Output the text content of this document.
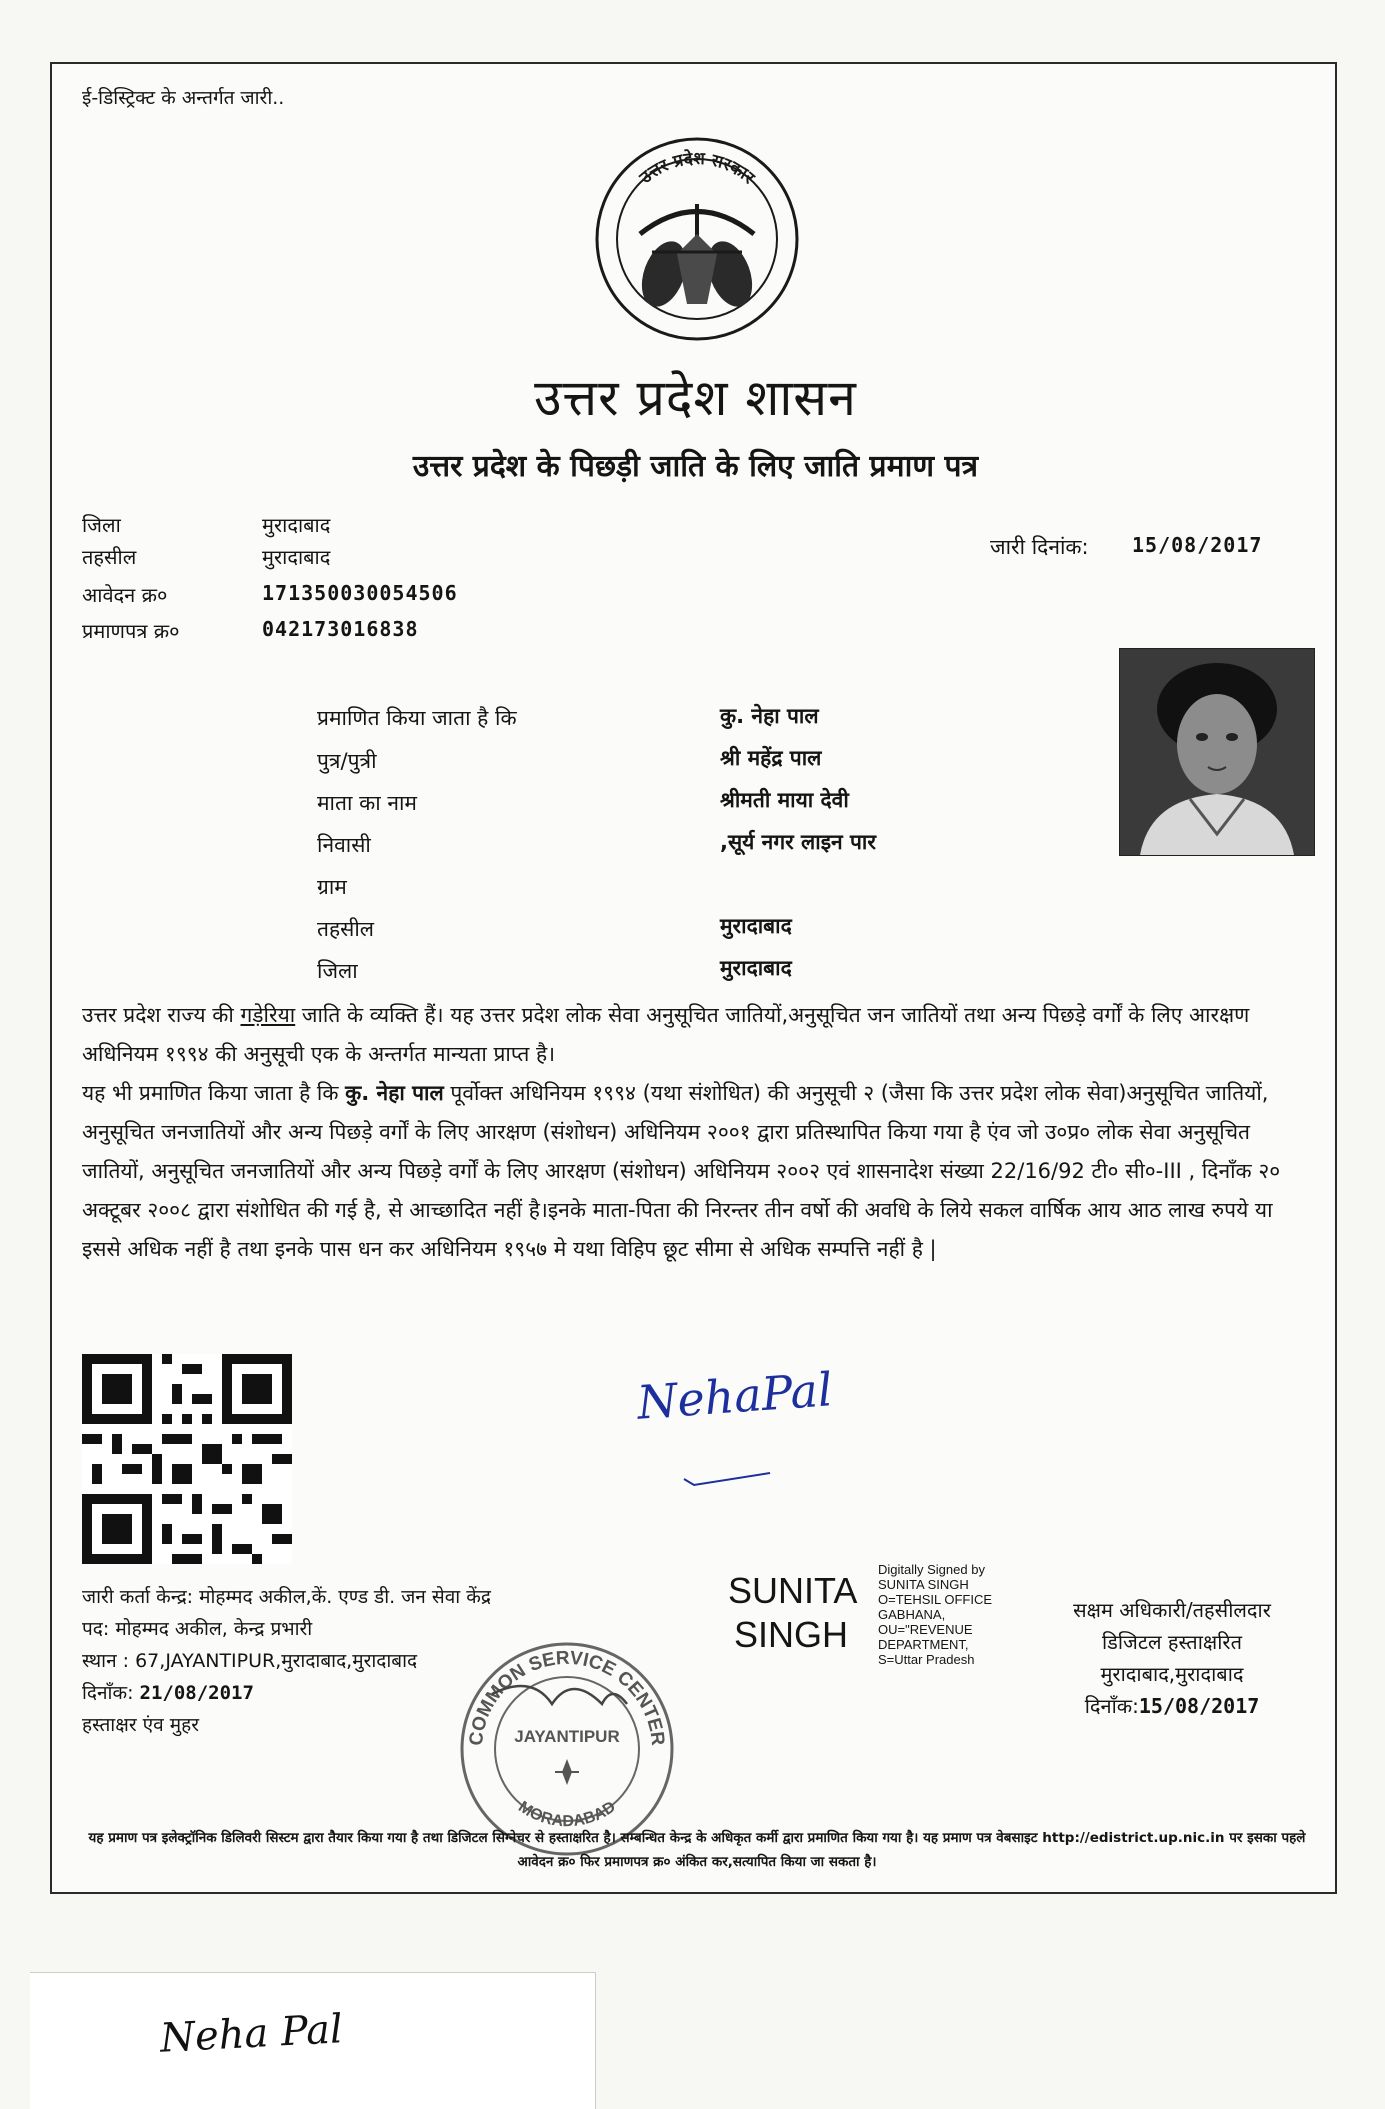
ई-डिस्ट्रिक्ट के अन्तर्गत जारी..
उत्तर प्रदेश सरकार
उत्तर प्रदेश शासन
उत्तर प्रदेश के पिछड़ी जाति के लिए जाति प्रमाण पत्र
जिला	मुरादाबाद
तहसील	मुरादाबाद
आवेदन क्र०	171350030054506
प्रमाणपत्र क्र०	042173016838
जारी दिनांक: 15/08/2017
प्रमाणित किया जाता है कि	कु. नेहा पाल
पुत्र/पुत्री	श्री महेंद्र पाल
माता का नाम	श्रीमती माया देवी
निवासी	,सूर्य नगर लाइन पार
ग्राम
तहसील	मुरादाबाद
जिला	मुरादाबाद
उत्तर प्रदेश राज्य की गड़ेरिया जाति के व्यक्ति हैं। यह उत्तर प्रदेश लोक सेवा अनुसूचित जातियों,अनुसूचित जन जातियों तथा अन्य पिछड़े वर्गों के लिए आरक्षण अधिनियम १९९४ की अनुसूची एक के अन्तर्गत मान्यता प्राप्त है।
यह भी प्रमाणित किया जाता है कि कु. नेहा पाल पूर्वोक्त अधिनियम १९९४ (यथा संशोधित) की अनुसूची २ (जैसा कि उत्तर प्रदेश लोक सेवा)अनुसूचित जातियों, अनुसूचित जनजातियों और अन्य पिछड़े वर्गों के लिए आरक्षण (संशोधन) अधिनियम २००१ द्वारा प्रतिस्थापित किया गया है एंव जो उ०प्र० लोक सेवा अनुसूचित जातियों, अनुसूचित जनजातियों और अन्य पिछड़े वर्गों के लिए आरक्षण (संशोधन) अधिनियम २००२ एवं शासनादेश संख्या 22/16/92 टी० सी०-III , दिनाँक २० अक्टूबर २००८ द्वारा संशोधित की गई है, से आच्छादित नहीं है।इनके माता-पिता की निरन्तर तीन वर्षो की अवधि के लिये सकल वार्षिक आय आठ लाख रुपये या इससे अधिक नहीं है तथा इनके पास धन कर अधिनियम १९५७ मे यथा विहिप छूट सीमा से अधिक सम्पत्ति नहीं है |
NehaPal
जारी कर्ता केन्द्र: मोहम्मद अकील,कें. एण्ड डी. जन सेवा केंद्र
पद: मोहम्मद अकील, केन्द्र प्रभारी
स्थान : 67,JAYANTIPUR,मुरादाबाद,मुरादाबाद
दिनाँक: 21/08/2017
हस्ताक्षर एंव मुहर
COMMON SERVICE CENTER
MORADABAD
JAYANTIPUR
SUNITA
SINGH
Digitally Signed by
SUNITA SINGH
O=TEHSIL OFFICE
GABHANA,
OU="REVENUE
DEPARTMENT,
S=Uttar Pradesh
सक्षम अधिकारी/तहसीलदार
डिजिटल हस्ताक्षरित
मुरादाबाद,मुरादाबाद
दिनाँक:15/08/2017
यह प्रमाण पत्र इलेक्ट्रॉनिक डिलिवरी सिस्टम द्वारा तैयार किया गया है तथा डिजिटल सिग्नेचर से हस्ताक्षरित है। सम्बन्धित केन्द्र के अधिकृत कर्मी द्वारा प्रमाणित किया गया है। यह प्रमाण पत्र वेबसाइट http://edistrict.up.nic.in पर इसका पहले आवेदन क्र० फिर प्रमाणपत्र क्र० अंकित कर,सत्यापित किया जा सकता है।
Neha Pal
